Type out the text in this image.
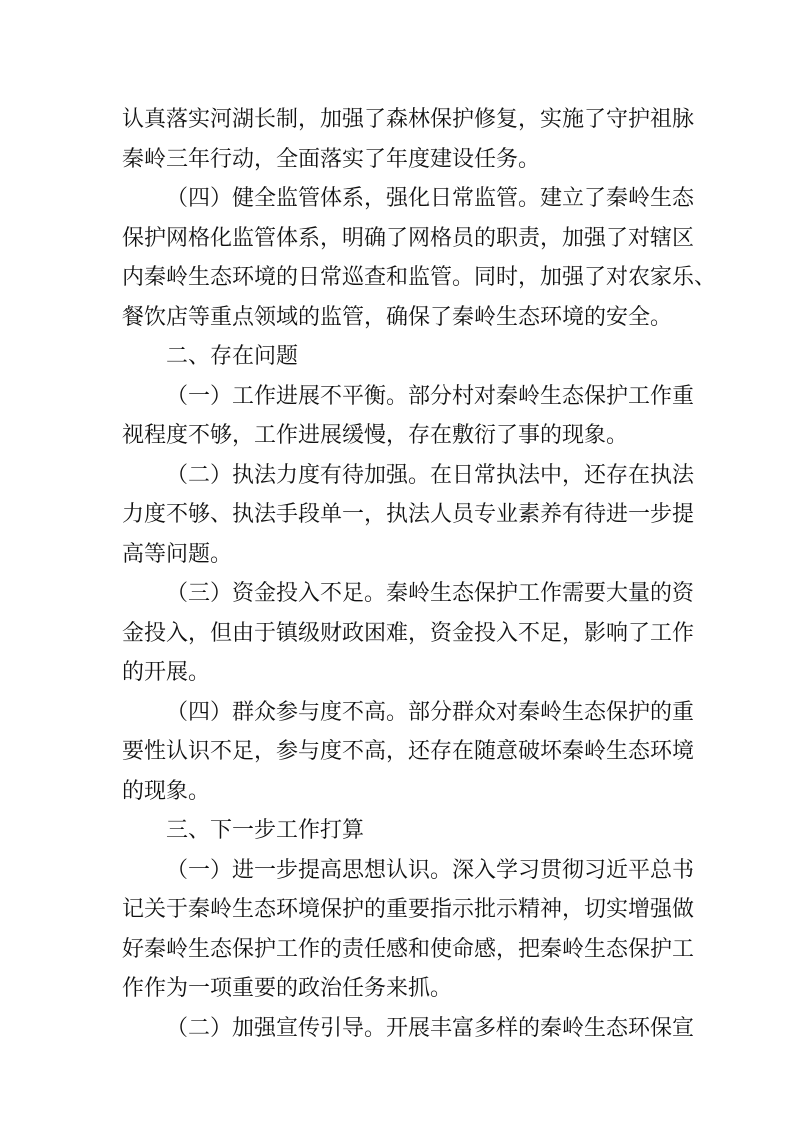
认真落实河湖长制，加强了森林保护修复，实施了守护祖脉
秦岭三年行动，全面落实了年度建设任务。
（四）健全监管体系，强化日常监管。建立了秦岭生态
保护网格化监管体系，明确了网格员的职责，加强了对辖区
内秦岭生态环境的日常巡查和监管。同时，加强了对农家乐、
餐饮店等重点领域的监管，确保了秦岭生态环境的安全。
二、存在问题
（一）工作进展不平衡。部分村对秦岭生态保护工作重
视程度不够，工作进展缓慢，存在敷衍了事的现象。
（二）执法力度有待加强。在日常执法中，还存在执法
力度不够、执法手段单一，执法人员专业素养有待进一步提
高等问题。
（三）资金投入不足。秦岭生态保护工作需要大量的资
金投入，但由于镇级财政困难，资金投入不足，影响了工作
的开展。
（四）群众参与度不高。部分群众对秦岭生态保护的重
要性认识不足，参与度不高，还存在随意破坏秦岭生态环境
的现象。
三、下一步工作打算
（一）进一步提高思想认识。深入学习贯彻习近平总书
记关于秦岭生态环境保护的重要指示批示精神，切实增强做
好秦岭生态保护工作的责任感和使命感，把秦岭生态保护工
作作为一项重要的政治任务来抓。
（二）加强宣传引导。开展丰富多样的秦岭生态环保宣
